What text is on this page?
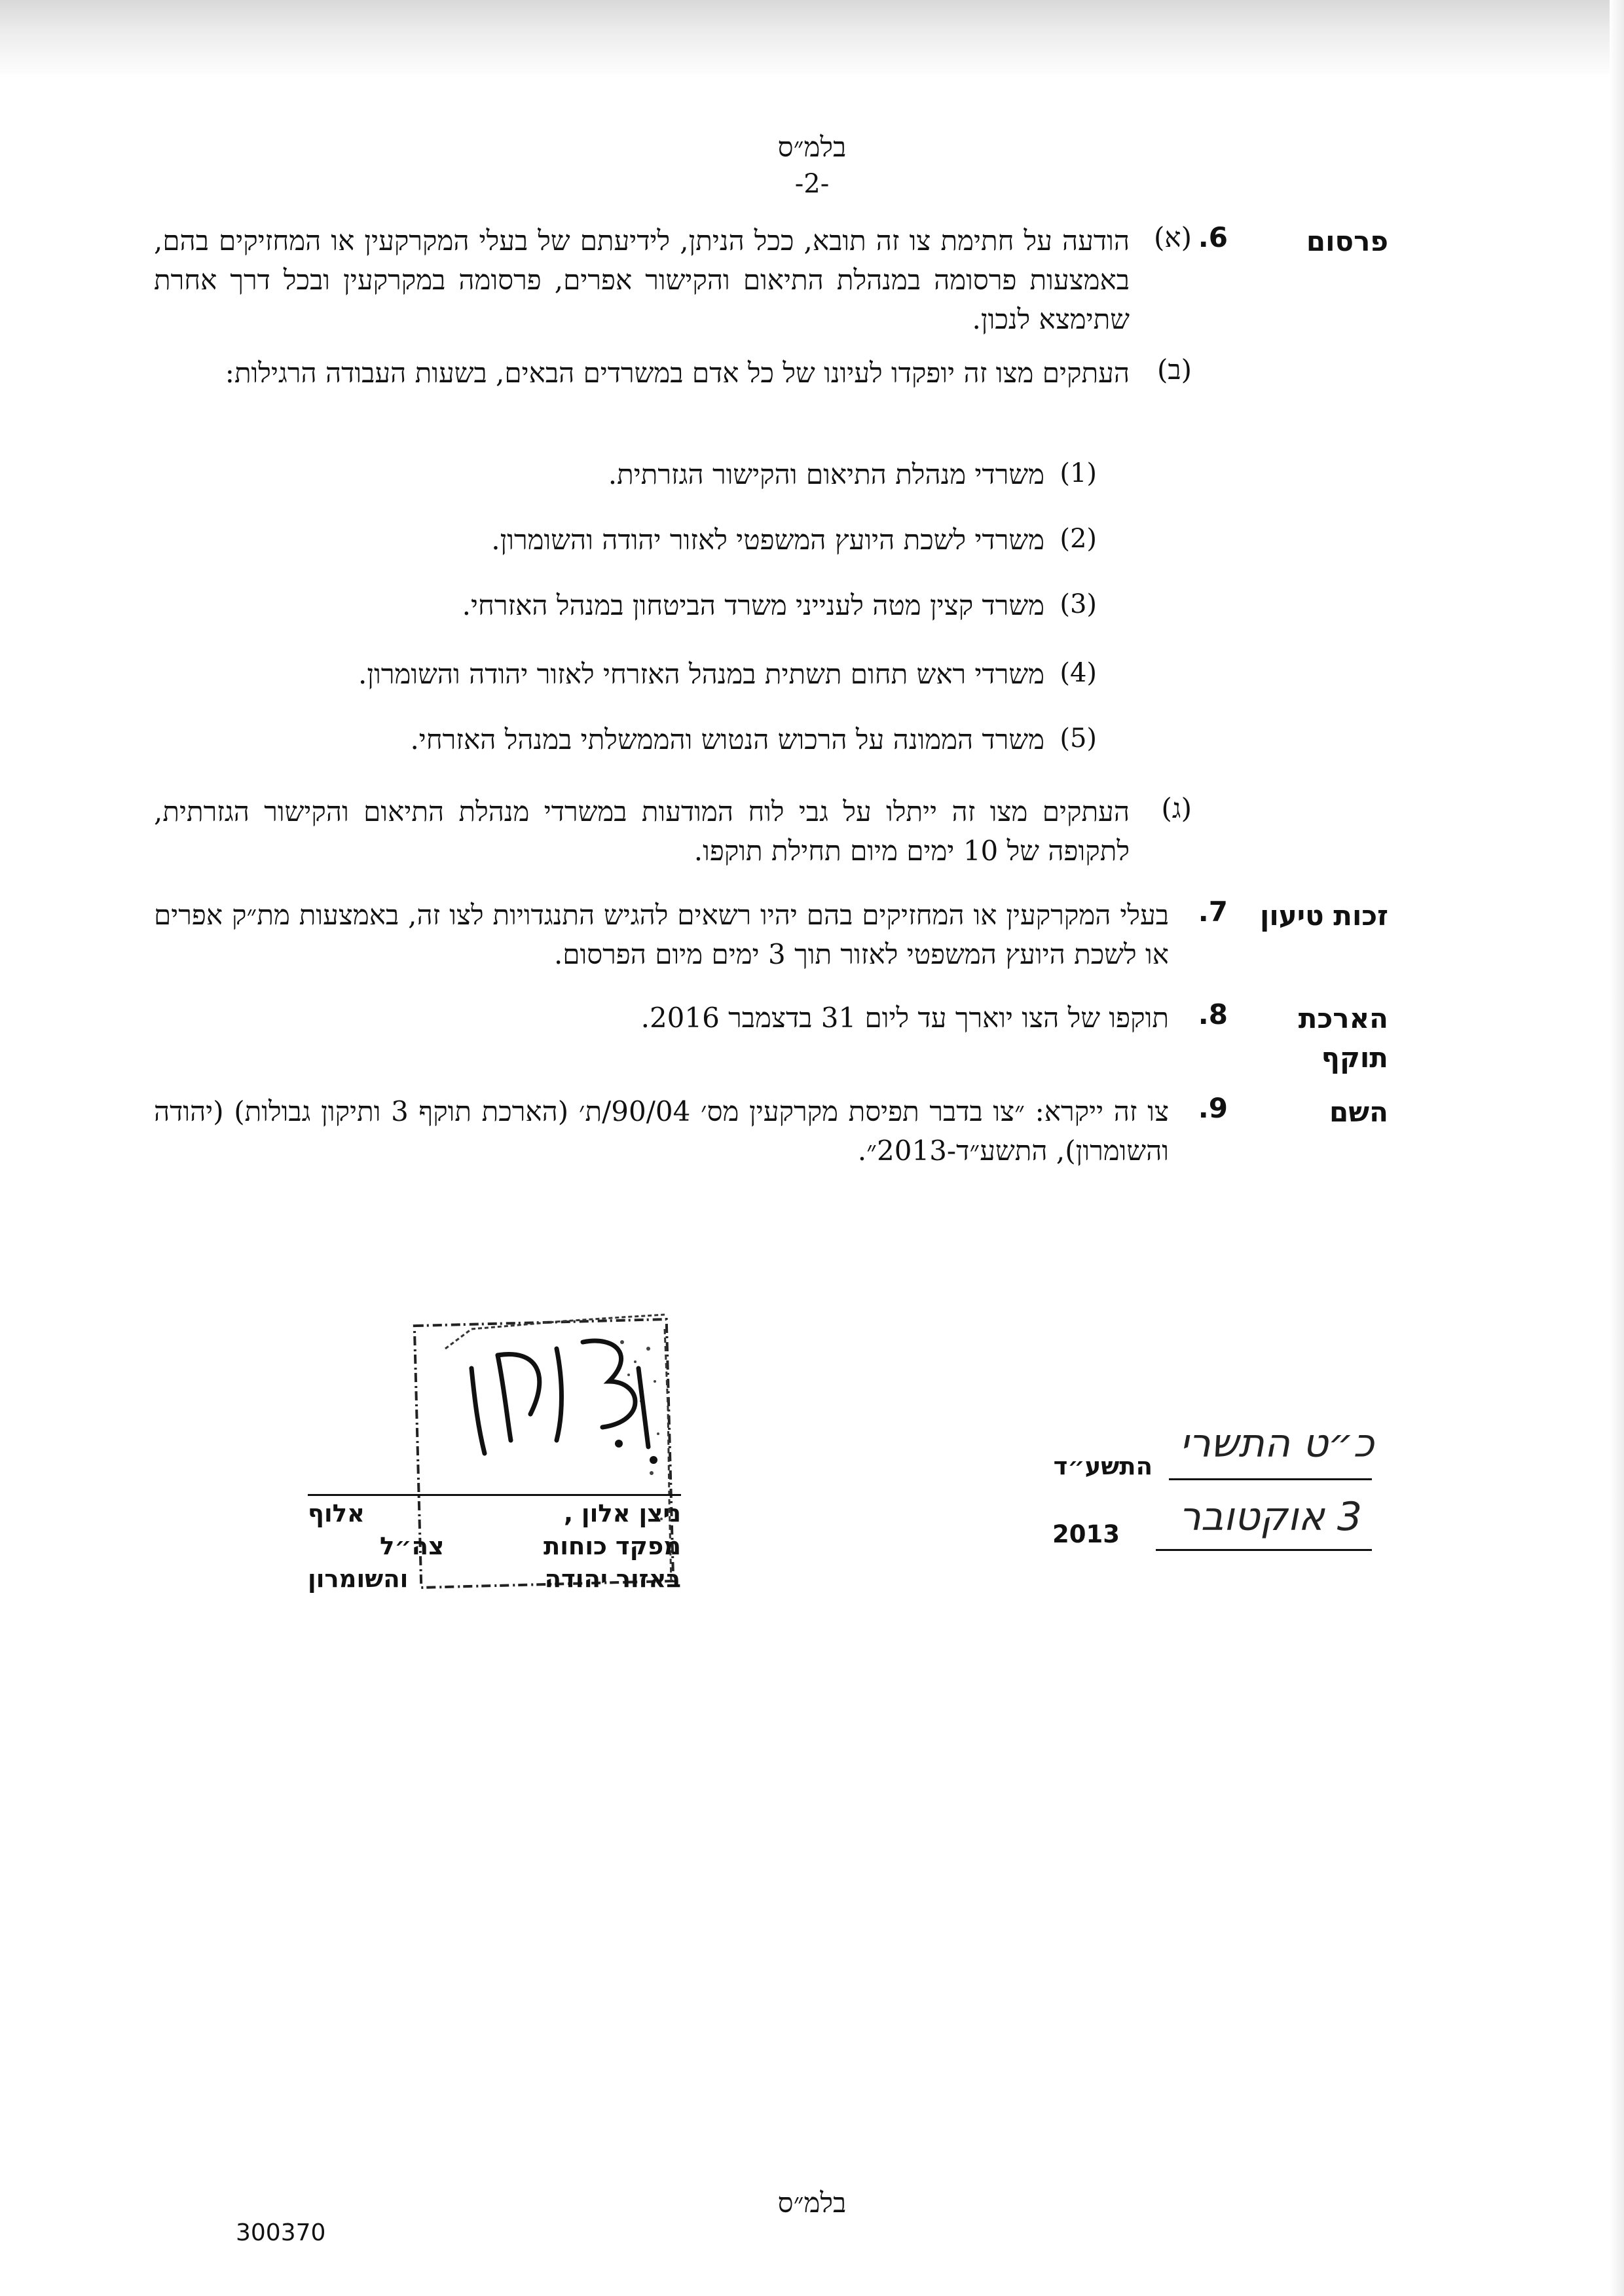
בלמ״ס
-2-
פרסום
6.
(א)
הודעה על חתימת צו זה תובא, ככל הניתן, לידיעתם של בעלי המקרקעין או המחזיקים בהם, באמצעות פרסומה במנהלת התיאום והקישור אפרים, פרסומה במקרקעין ובכל דרך אחרת שתימצא לנכון.
(ב)
העתקים מצו זה יופקדו לעיונו של כל אדם במשרדים הבאים, בשעות העבודה הרגילות:
(1)
משרדי מנהלת התיאום והקישור הגזרתית.
(2)
משרדי לשכת היועץ המשפטי לאזור יהודה והשומרון.
(3)
משרד קצין מטה לענייני משרד הביטחון במנהל האזרחי.
(4)
משרדי ראש תחום תשתית במנהל האזרחי לאזור יהודה והשומרון.
(5)
משרד הממונה על הרכוש הנטוש והממשלתי במנהל האזרחי.
(ג)
העתקים מצו זה ייתלו על גבי לוח המודעות במשרדי מנהלת התיאום והקישור הגזרתית, לתקופה של 10 ימים מיום תחילת תוקפו.
זכות טיעון
7.
בעלי המקרקעין או המחזיקים בהם יהיו רשאים להגיש התנגדויות לצו זה, באמצעות מת״ק אפרים או לשכת היועץ המשפטי לאזור תוך 3 ימים מיום הפרסום.
הארכת
תוקף
8.
תוקפו של הצו יוארך עד ליום 31 בדצמבר 2016.
השם
9.
צו זה ייקרא: ״צו בדבר תפיסת מקרקעין מס׳ 90/04/ת׳ (הארכת תוקף 3 ותיקון גבולות) (יהודה והשומרון), התשע״ד-2013״.
כ״ט התשרי
התשע״ד
3 אוקטובר
2013
ניצן אלון ,
אלוף
מפקד כוחות
צה״ל
באזור יהודה
והשומרון
בלמ״ס
300370
